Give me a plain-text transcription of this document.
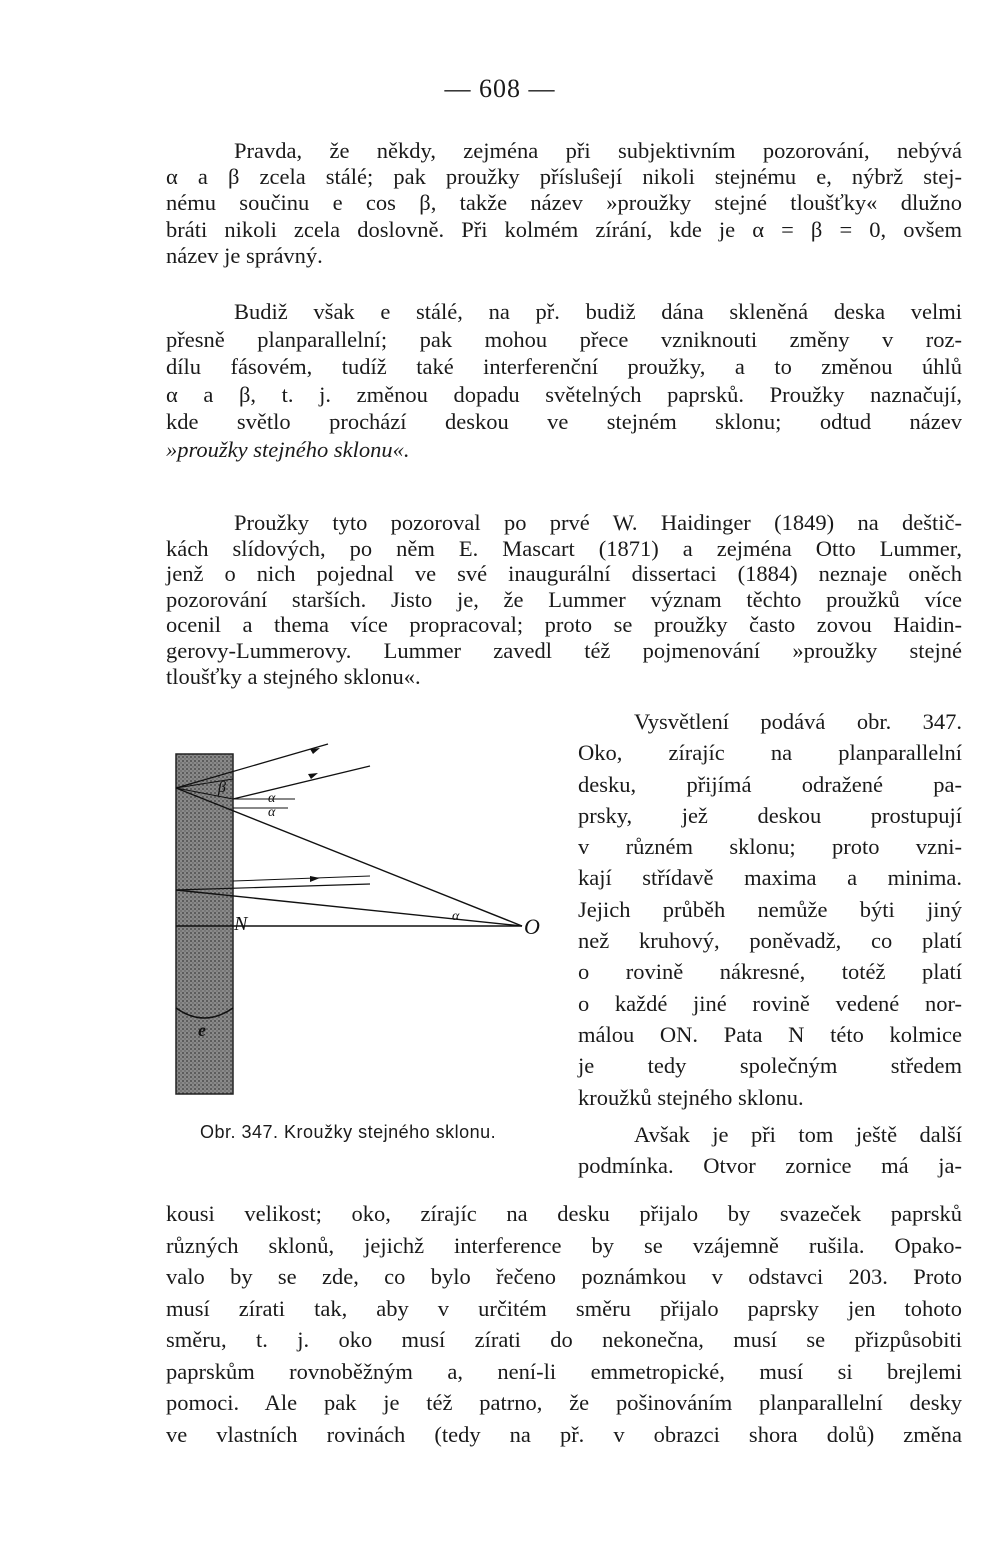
— 608 —
Pravda, že někdy, zejména při subjektivním pozorování, nebývá
α a β zcela stálé; pak proužky přísluŝejí nikoli stejnému e, nýbrž stej-
nému součinu e cos β, takže název »proužky stejné tloušťky« dlužno
bráti nikoli zcela doslovně. Při kolmém zírání, kde je α = β = 0, ovšem
název je správný.
Budiž však e stálé, na př. budiž dána skleněná deska velmi
přesně planparallelní; pak mohou přece vzniknouti změny v roz-
dílu fásovém, tudíž také interferenční proužky, a to změnou úhlů
α a β, t. j. změnou dopadu světelných paprsků. Proužky naznačují,
kde světlo prochází deskou ve stejném sklonu; odtud název
»proužky stejného sklonu«.
Proužky tyto pozoroval po prvé W. Haidinger (1849) na deštič-
kách slídových, po něm E. Mascart (1871) a zejména Otto Lummer,
jenž o nich pojednal ve své inaugurální dissertaci (1884) neznaje oněch
pozorování starších. Jisto je, že Lummer význam těchto proužků více
ocenil a thema více propracoval; proto se proužky často zovou Haidin-
gerovy-Lummerovy. Lummer zavedl též pojmenování »proužky stejné
tloušťky a stejného sklonu«.
Vysvětlení podává obr. 347.
Oko, zírajíc na planparallelní
desku, přijímá odražené pa-
prsky, jež deskou prostupují
v různém sklonu; proto vzni-
kají střídavě maxima a minima.
Jejich průběh nemůže býti jiný
než kruhový, poněvadž, co platí
o rovině nákresné, totéž platí
o každé jiné rovině vedené nor-
málou ON. Pata N této kolmice
je tedy společným středem
kroužků stejného sklonu.
Avšak je při tom ještě další
podmínka. Otvor zornice má ja-
kousi velikost; oko, zírajíc na desku přijalo by svazeček paprsků
různých sklonů, jejichž interference by se vzájemně rušila. Opako-
valo by se zde, co bylo řečeno poznámkou v odstavci 203. Proto
musí zírati tak, aby v určitém směru přijalo paprsky jen tohoto
směru, t. j. oko musí zírati do nekonečna, musí se přizpůsobiti
paprskům rovnoběžným a, není-li emmetropické, musí si brejlemi
pomoci. Ale pak je též patrno, že pošinováním planparallelní desky
ve vlastních rovinách (tedy na př. v obrazci shora dolů) změna
e
β
α
α
α
N	O
Obr. 347. Kroužky stejného sklonu.
